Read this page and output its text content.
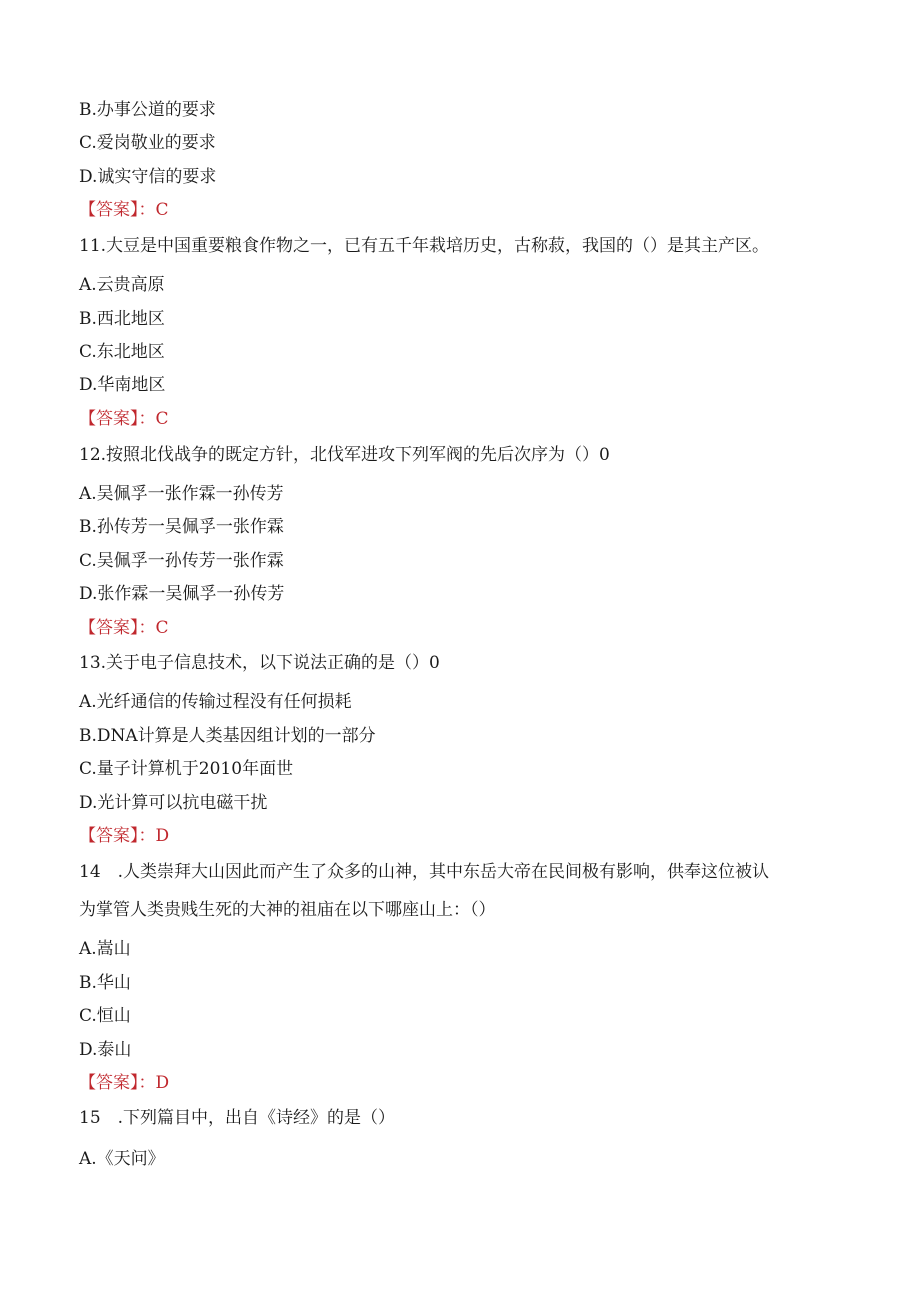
B.办事公道的要求
C.爱岗敬业的要求
D.诚实守信的要求
【答案】：C
11.大豆是中国重要粮食作物之一，已有五千年栽培历史，古称菽，我国的（）是其主产区。
A.云贵高原
B.西北地区
C.东北地区
D.华南地区
【答案】：C
12.按照北伐战争的既定方针，北伐军进攻下列军阀的先后次序为（）0
A.吴佩孚一张作霖一孙传芳
B.孙传芳一吴佩孚一张作霖
C.吴佩孚一孙传芳一张作霖
D.张作霖一吴佩孚一孙传芳
【答案】：C
13.关于电子信息技术，以下说法正确的是（）0
A.光纤通信的传输过程没有任何损耗
B.DNA计算是人类基因组计划的一部分
C.量子计算机于2010年面世
D.光计算可以抗电磁干扰
【答案】：D
14　.人类崇拜大山因此而产生了众多的山神，其中东岳大帝在民间极有影响，供奉这位被认
为掌管人类贵贱生死的大神的祖庙在以下哪座山上：（）
A.嵩山
B.华山
C.恒山
D.泰山
【答案】：D
15　.下列篇目中，出自《诗经》的是（）
A.《天问》
